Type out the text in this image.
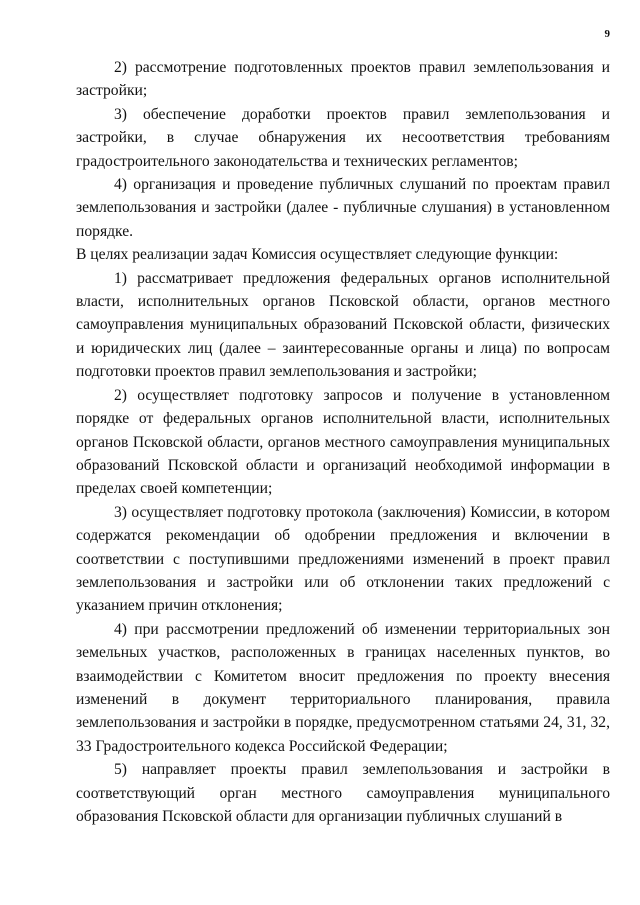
9

2) рассмотрение подготовленных проектов правил землепользования и застройки;

3) обеспечение доработки проектов правил землепользования и застройки, в случае обнаружения их несоответствия требованиям градостроительного законодательства и технических регламентов;

4) организация и проведение публичных слушаний по проектам правил землепользования и застройки (далее - публичные слушания) в установленном порядке.

В целях реализации задач Комиссия осуществляет следующие функции:

1) рассматривает предложения федеральных органов исполнительной власти, исполнительных органов Псковской области, органов местного самоуправления муниципальных образований Псковской области, физических и юридических лиц (далее – заинтересованные органы и лица) по вопросам подготовки проектов правил землепользования и застройки;

2) осуществляет подготовку запросов и получение в установленном порядке от федеральных органов исполнительной власти, исполнительных органов Псковской области, органов местного самоуправления муниципальных образований Псковской области и организаций необходимой информации в пределах своей компетенции;

3) осуществляет подготовку протокола (заключения) Комиссии, в котором содержатся рекомендации об одобрении предложения и включении в соответствии с поступившими предложениями изменений в проект правил землепользования и застройки или об отклонении таких предложений с указанием причин отклонения;

4) при рассмотрении предложений об изменении территориальных зон земельных участков, расположенных в границах населенных пунктов, во взаимодействии с Комитетом вносит предложения по проекту внесения изменений в документ территориального планирования, правила землепользования и застройки в порядке, предусмотренном статьями 24, 31, 32, 33 Градостроительного кодекса Российской Федерации;

5) направляет проекты правил землепользования и застройки в соответствующий орган местного самоуправления муниципального образования Псковской области для организации публичных слушаний в
